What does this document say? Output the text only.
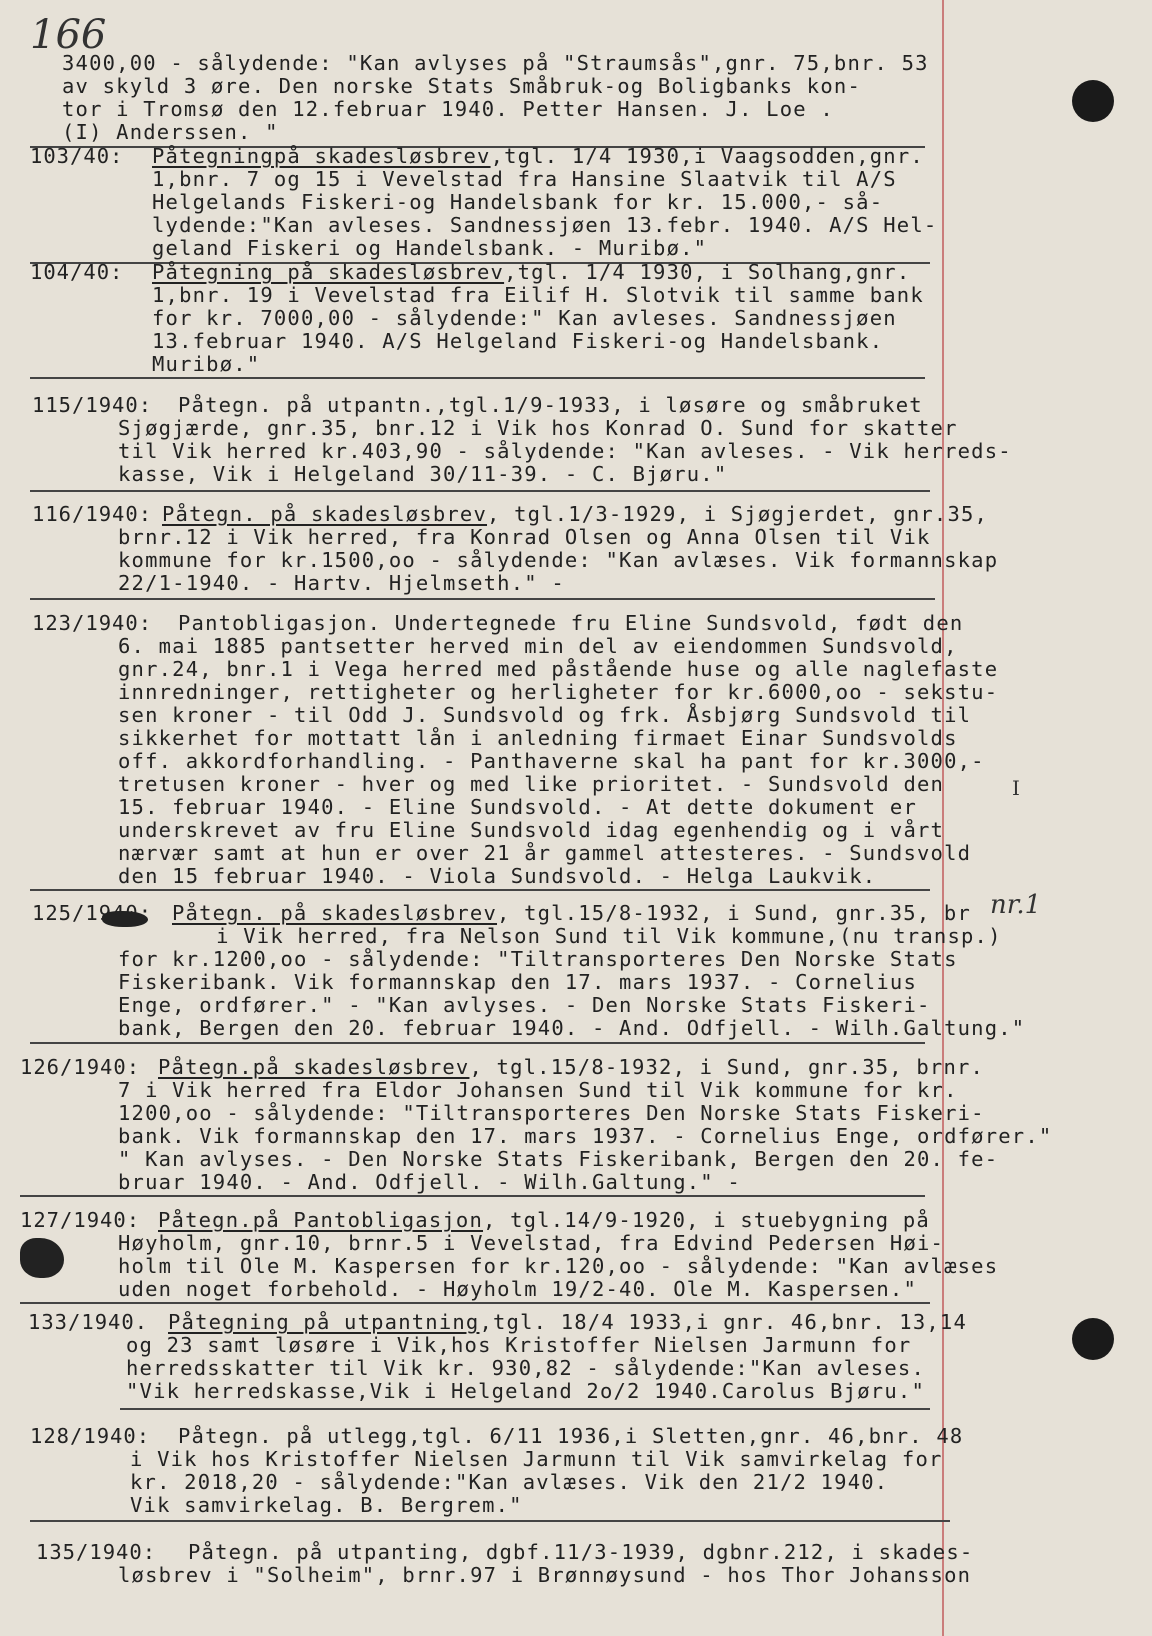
166
I
nr.1
3400,00 - sålydende: "Kan avlyses på "Straumsås",gnr. 75,bnr. 53
av skyld 3 øre. Den norske Stats Småbruk-og Boligbanks kon-
tor i Tromsø den 12.februar 1940. Petter Hansen. J. Loe .
(I) Anderssen. "
103/40: Påtegningpå skadesløsbrev,tgl. 1/4 1930,i Vaagsodden,gnr.
1,bnr. 7 og 15 i Vevelstad fra Hansine Slaatvik til A/S
Helgelands Fiskeri-og Handelsbank for kr. 15.000,- så-
lydende:"Kan avleses. Sandnessjøen 13.febr. 1940. A/S Hel-
geland Fiskeri og Handelsbank. - Muribø."
104/40: Påtegning på skadesløsbrev,tgl. 1/4 1930, i Solhang,gnr.
1,bnr. 19 i Vevelstad fra Eilif H. Slotvik til samme bank
for kr. 7000,00 - sålydende:" Kan avleses. Sandnessjøen
13.februar 1940. A/S Helgeland Fiskeri-og Handelsbank.
Muribø."
115/1940: Påtegn. på utpantn.,tgl.1/9-1933, i løsøre og småbruket
Sjøgjærde, gnr.35, bnr.12 i Vik hos Konrad O. Sund for skatter
til Vik herred kr.403,90 - sålydende: "Kan avleses. - Vik herreds-
kasse, Vik i Helgeland 30/11-39. - C. Bjøru."
116/1940: Påtegn. på skadesløsbrev, tgl.1/3-1929, i Sjøgjerdet, gnr.35,
brnr.12 i Vik herred, fra Konrad Olsen og Anna Olsen til Vik
kommune for kr.1500,oo - sålydende: "Kan avlæses. Vik formannskap
22/1-1940. - Hartv. Hjelmseth." -
123/1940: Pantobligasjon. Undertegnede fru Eline Sundsvold, født den
6. mai 1885 pantsetter herved min del av eiendommen Sundsvold,
gnr.24, bnr.1 i Vega herred med påstående huse og alle naglefaste
innredninger, rettigheter og herligheter for kr.6000,oo - sekstu-
sen kroner - til Odd J. Sundsvold og frk. Åsbjørg Sundsvold til
sikkerhet for mottatt lån i anledning firmaet Einar Sundsvolds
off. akkordforhandling. - Panthaverne skal ha pant for kr.3000,-
tretusen kroner - hver og med like prioritet. - Sundsvold den
15. februar 1940. - Eline Sundsvold. - At dette dokument er
underskrevet av fru Eline Sundsvold idag egenhendig og i vårt
nærvær samt at hun er over 21 år gammel attesteres. - Sundsvold
den 15 februar 1940. - Viola Sundsvold. - Helga Laukvik.
125/1940: Påtegn. på skadesløsbrev, tgl.15/8-1932, i Sund, gnr.35, br
i Vik herred, fra Nelson Sund til Vik kommune,(nu transp.)
for kr.1200,oo - sålydende: "Tiltransporteres Den Norske Stats
Fiskeribank. Vik formannskap den 17. mars 1937. - Cornelius
Enge, ordfører." - "Kan avlyses. - Den Norske Stats Fiskeri-
bank, Bergen den 20. februar 1940. - And. Odfjell. - Wilh.Galtung."
126/1940: Påtegn.på skadesløsbrev, tgl.15/8-1932, i Sund, gnr.35, brnr.
7 i Vik herred fra Eldor Johansen Sund til Vik kommune for kr.
1200,oo - sålydende: "Tiltransporteres Den Norske Stats Fiskeri-
bank. Vik formannskap den 17. mars 1937. - Cornelius Enge, ordfører."
" Kan avlyses. - Den Norske Stats Fiskeribank, Bergen den 20. fe-
bruar 1940. - And. Odfjell. - Wilh.Galtung." -
127/1940: Påtegn.på Pantobligasjon, tgl.14/9-1920, i stuebygning på
Høyholm, gnr.10, brnr.5 i Vevelstad, fra Edvind Pedersen Høi-
holm til Ole M. Kaspersen for kr.120,oo - sålydende: "Kan avlæses
uden noget forbehold. - Høyholm 19/2-40. Ole M. Kaspersen."
133/1940. Påtegning på utpantning,tgl. 18/4 1933,i gnr. 46,bnr. 13,14
og 23 samt løsøre i Vik,hos Kristoffer Nielsen Jarmunn for
herredsskatter til Vik kr. 930,82 - sålydende:"Kan avleses.
"Vik herredskasse,Vik i Helgeland 2o/2 1940.Carolus Bjøru."
128/1940: Påtegn. på utlegg,tgl. 6/11 1936,i Sletten,gnr. 46,bnr. 48
i Vik hos Kristoffer Nielsen Jarmunn til Vik samvirkelag for
kr. 2018,20 - sålydende:"Kan avlæses. Vik den 21/2 1940.
Vik samvirkelag. B. Bergrem."
135/1940: Påtegn. på utpanting, dgbf.11/3-1939, dgbnr.212, i skades-
løsbrev i "Solheim", brnr.97 i Brønnøysund - hos Thor Johansson
